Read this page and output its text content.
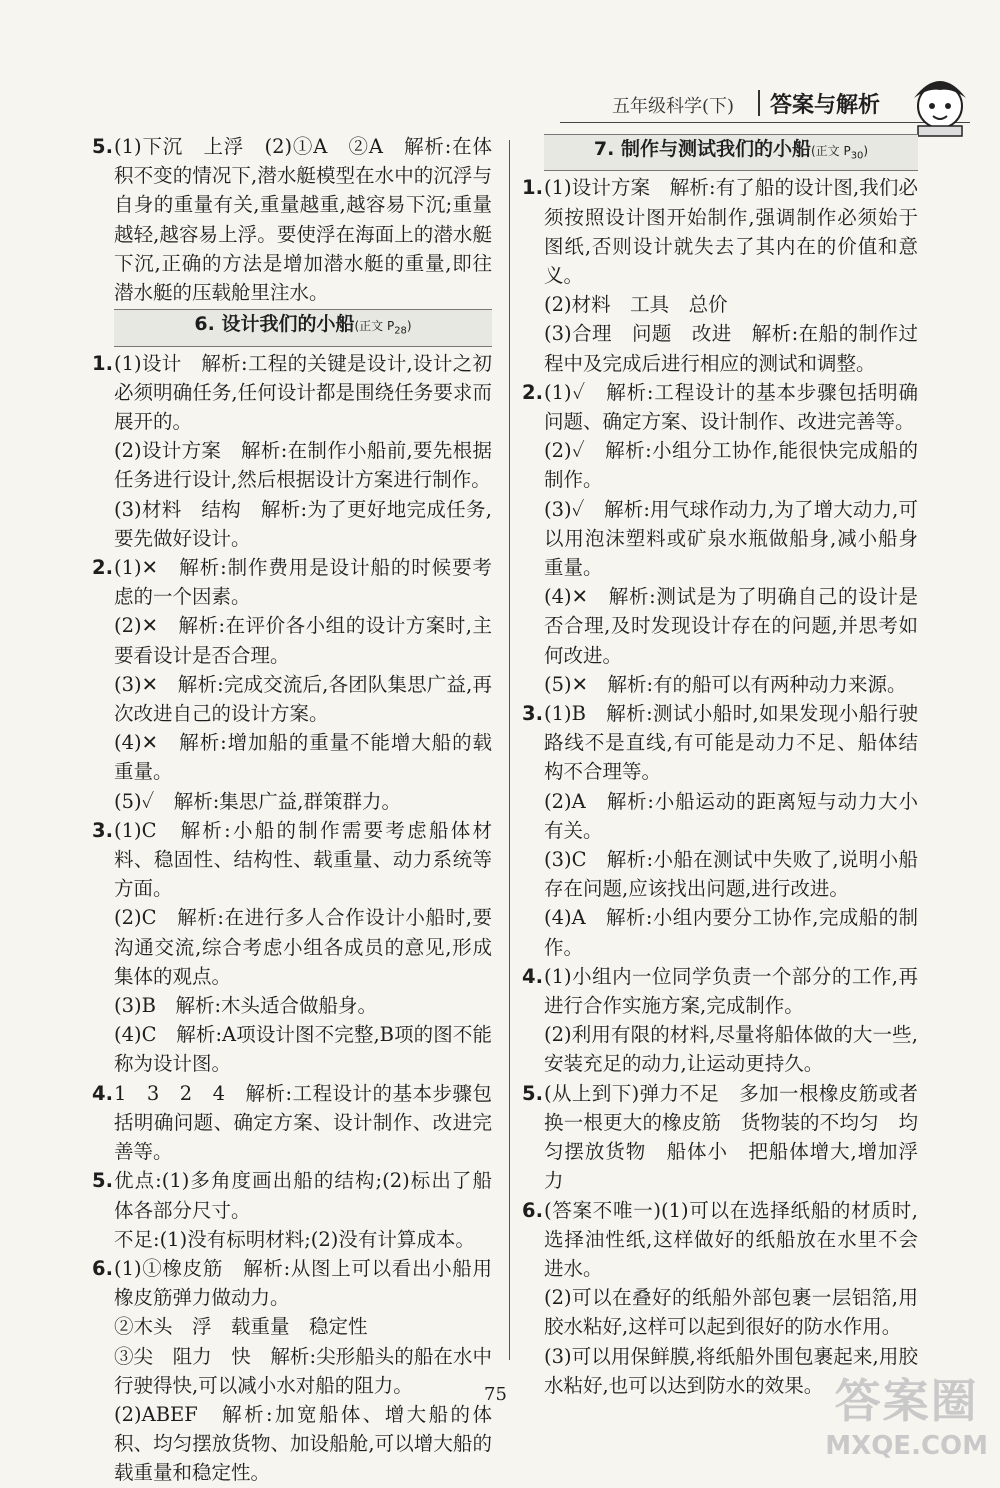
五年级科学(下) 答案与解析
5. (1)下沉　上浮　(2)①A　②A　解析:在体积不变的情况下,潜水艇模型在水中的沉浮与自身的重量有关,重量越重,越容易下沉;重量越轻,越容易上浮。要使浮在海面上的潜水艇下沉,正确的方法是增加潜水艇的重量,即往潜水艇的压载舱里注水。

6. 设计我们的小船(正文 $P_{28}$)
1. (1)设计　解析:工程的关键是设计,设计之初必须明确任务,任何设计都是围绕任务要求而展开的。

(2)设计方案　解析:在制作小船前,要先根据任务进行设计,然后根据设计方案进行制作。

(3)材料　结构　解析:为了更好地完成任务,要先做好设计。

2. (1)✕　解析:制作费用是设计船的时候要考虑的一个因素。

(2)✕　解析:在评价各小组的设计方案时,主要看设计是否合理。

(3)✕　解析:完成交流后,各团队集思广益,再次改进自己的设计方案。

(4)✕　解析:增加船的重量不能增大船的载重量。

(5)✓　解析:集思广益,群策群力。

3. (1)C　解析:小船的制作需要考虑船体材料、稳固性、结构性、载重量、动力系统等方面。

(2)C　解析:在进行多人合作设计小船时,要沟通交流,综合考虑小组各成员的意见,形成集体的观点。

(3)B　解析:木头适合做船身。

(4)C　解析:A项设计图不完整,B项的图不能称为设计图。

4. 1　3　2　4　解析:工程设计的基本步骤包括明确问题、确定方案、设计制作、改进完善等。

5. 优点:(1)多角度画出船的结构;(2)标出了船体各部分尺寸。

不足:(1)没有标明材料;(2)没有计算成本。

6. (1)①橡皮筋　解析:从图上可以看出小船用橡皮筋弹力做动力。

②木头　浮　载重量　稳定性

③尖　阻力　快　解析:尖形船头的船在水中行驶得快,可以减小水对船的阻力。

(2)ABEF　解析:加宽船体、增大船的体积、均匀摆放货物、加设船舱,可以增大船的载重量和稳定性。

7. 制作与测试我们的小船(正文 $P_{30}$)
1. (1)设计方案　解析:有了船的设计图,我们必须按照设计图开始制作,强调制作必须始于图纸,否则设计就失去了其内在的价值和意义。

(2)材料　工具　总价

(3)合理　问题　改进　解析:在船的制作过程中及完成后进行相应的测试和调整。

2. (1)✓　解析:工程设计的基本步骤包括明确问题、确定方案、设计制作、改进完善等。

(2)✓　解析:小组分工协作,能很快完成船的制作。

(3)✓　解析:用气球作动力,为了增大动力,可以用泡沫塑料或矿泉水瓶做船身,减小船身重量。

(4)✕　解析:测试是为了明确自己的设计是否合理,及时发现设计存在的问题,并思考如何改进。

(5)✕　解析:有的船可以有两种动力来源。

3. (1)B　解析:测试小船时,如果发现小船行驶路线不是直线,有可能是动力不足、船体结构不合理等。

(2)A　解析:小船运动的距离短与动力大小有关。

(3)C　解析:小船在测试中失败了,说明小船存在问题,应该找出问题,进行改进。

(4)A　解析:小组内要分工协作,完成船的制作。

4. (1)小组内一位同学负责一个部分的工作,再进行合作实施方案,完成制作。

(2)利用有限的材料,尽量将船体做的大一些,安装充足的动力,让运动更持久。

5. (从上到下)弹力不足　多加一根橡皮筋或者换一根更大的橡皮筋　货物装的不均匀　均匀摆放货物　船体小　把船体增大,增加浮力

6. (答案不唯一)(1)可以在选择纸船的材质时,选择油性纸,这样做好的纸船放在水里不会进水。

(2)可以在叠好的纸船外部包裹一层铝箔,用胶水粘好,这样可以起到很好的防水作用。

(3)可以用保鲜膜,将纸船外围包裹起来,用胶水粘好,也可以达到防水的效果。

75	答案圈
MXQE.COM
